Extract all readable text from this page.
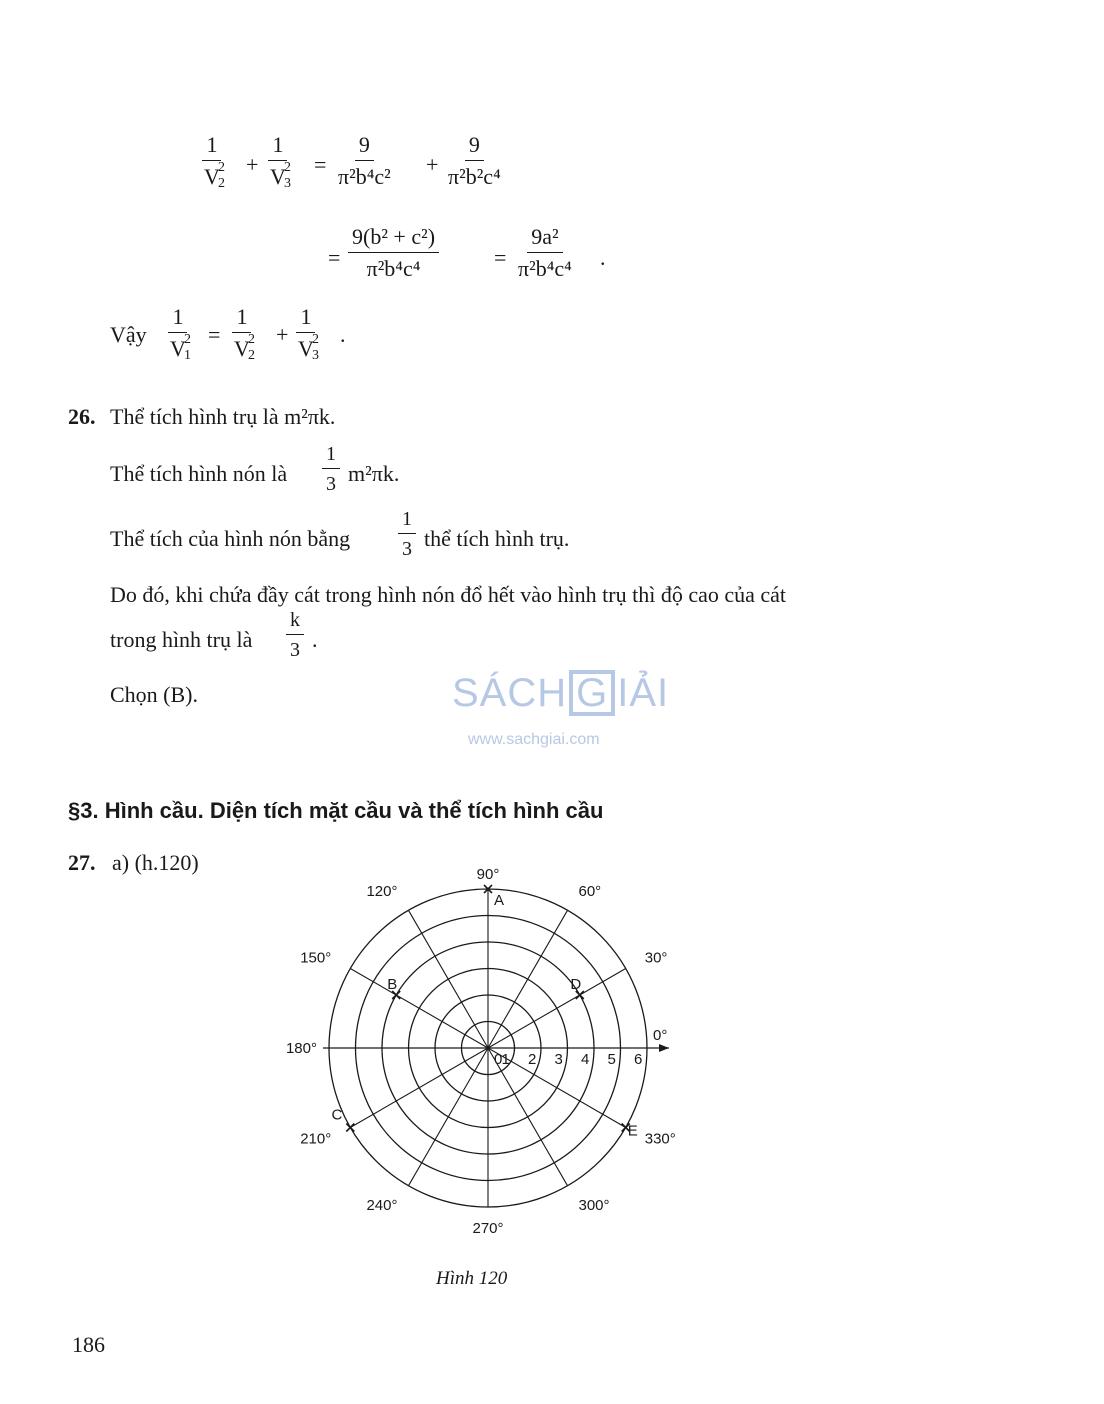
1
V
2
2 + 1
V
2
$3 = \frac{9}{\text{π²b⁴c²}} + \frac{9}{\text{π²b²c⁴}}$
= $\frac{\text{9(b² + c²)}}{\text{π²b⁴c⁴}} = \frac{\text{9a²}}{\text{π²b⁴c⁴}}$ .
Vậy 1
V
2
1 = 1
V
2
2 + 1
V
2
3 .
26. Thể tích hình trụ là m²πk.
Thể tích hình nón là $\frac{1}{3} m^2\pi k$.
Thể tích của hình nón bằng $\frac{1}{3}$ thể tích hình trụ.
Do đó, khi chứa đầy cát trong hình nón đổ hết vào hình trụ thì độ cao của cát
trong hình trụ là $\frac{k}{3}$ .
Chọn (B).	SÁCH G IẢI
www.sachgiai.com
§3. Hình cầu. Diện tích mặt cầu và thể tích hình cầu
27. a) (h.120)
0 1 2 3 4 5 6
0°
30°
60°
90°
120°
150°
180°
210°
240°
270°
300°
330°
A
B
C
D
E
Hình 120
186
